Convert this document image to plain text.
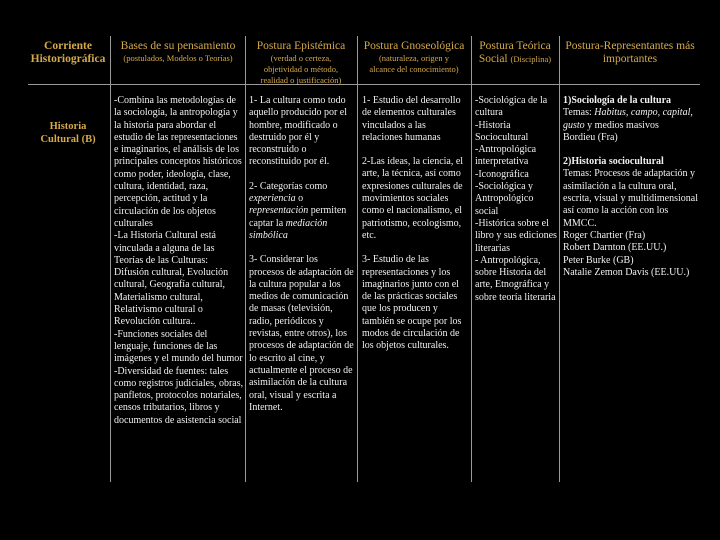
Corriente
Historiográfica
Bases de su pensamiento
(postulados, Modelos o Teorías)
Postura Epistémica
(verdad o certeza,
objetividad o método,
realidad o justificación)
Postura Gnoseológica
(naturaleza, origen y
alcance del conocimiento)
Postura Teórica
Social (Disciplina)
Postura-Representantes más
importantes

Historia

Cultural (B)

-Combina las metodologías de la sociología, la antropología y la historia para abordar el estudio de las representaciones e imaginarios, el análisis de los principales conceptos históricos como poder, ideología, clase, cultura, identidad, raza, percepción, actitud y la circulación de los objetos culturales

-La Historia Cultural está vinculada a alguna de las Teorías de las Culturas: Difusión cultural, Evolución cultural, Geografía cultural, Materialismo cultural, Relativismo cultural o Revolución cultura..

-Funciones sociales del lenguaje, funciones de las imágenes y el mundo del humor

-Diversidad de fuentes: tales como registros judiciales, obras, panfletos, protocolos notariales, censos tributarios, libros y documentos de asistencia social

1- La cultura como todo aquello producido por el hombre, modificado o destruido por él y reconstruido o reconstituido por él.

2- Categorías como experiencia o representación permiten captar la mediación simbólica

3- Considerar los procesos de adaptación de la cultura popular a los medios de comunicación de masas (televisión, radio, periódicos y revistas, entre otros), los procesos de adaptación de lo escrito al cine, y actualmente el proceso de asimilación de la cultura oral, visual y escrita a Internet.

1- Estudio del desarrollo de elementos culturales vinculados a las relaciones humanas

2-Las ideas, la ciencia, el arte, la técnica, así como expresiones culturales de movimientos sociales como el nacionalismo, el patriotismo, ecologismo, etc.

3- Estudio de las representaciones y los imaginarios junto con el de las prácticas sociales que los producen y también se ocupe por los modos de circulación de los objetos culturales.

-Sociológica de la cultura

-Historia Sociocultural

-Antropológica interpretativa

-Iconográfica

-Sociológica y Antropológico social

-Histórica sobre el libro y sus ediciones literarias

- Antropológica, sobre Historia del arte, Etnográfica y sobre teoría literaria

1)Sociología de la cultura

Temas: Habitus, campo, capital, gusto y medios masivos

Bordieu (Fra)

2)Historia sociocultural

Temas: Procesos de adaptación y asimilación a la cultura oral, escrita, visual y multidimensional así como la acción con los MMCC.

Roger Chartier (Fra)

Robert Darnton (EE.UU.)

Peter Burke (GB)

Natalie Zemon Davis (EE.UU.)
